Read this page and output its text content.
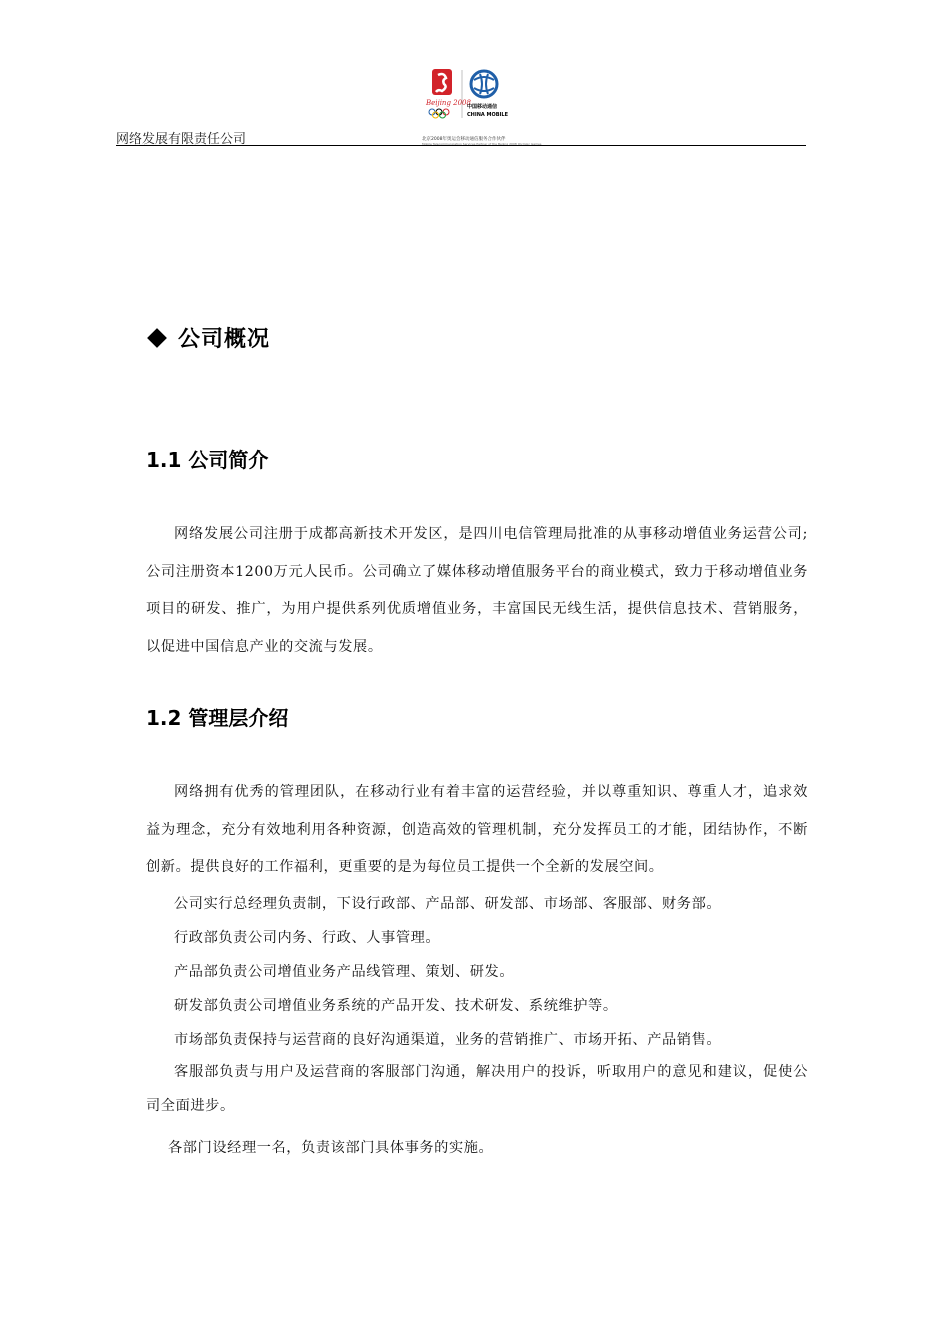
Beijing 2008
中国移动通信
CHINA MOBILE
北京2008年奥运会移动通信服务合作伙伴
Mobile Telecommunication Services Partner of the Beijing 2008 Olympic Games
网络发展有限责任公司
公司概况
1.1 公司简介
网络发展公司注册于成都高新技术开发区，是四川电信管理局批准的从事移动增值业务运营公司; 公司注册资本1200万元人民币。公司确立了媒体移动增值服务平台的商业模式，致力于移动增值业务项目的研发、推广，为用户提供系列优质增值业务，丰富国民无线生活，提供信息技术、营销服务，以促进中国信息产业的交流与发展。
1.2 管理层介绍
网络拥有优秀的管理团队，在移动行业有着丰富的运营经验，并以尊重知识、尊重人才，追求效益为理念，充分有效地利用各种资源，创造高效的管理机制，充分发挥员工的才能，团结协作，不断创新。提供良好的工作福利，更重要的是为每位员工提供一个全新的发展空间。
公司实行总经理负责制，下设行政部、产品部、研发部、市场部、客服部、财务部。
行政部负责公司内务、行政、人事管理。
产品部负责公司增值业务产品线管理、策划、研发。
研发部负责公司增值业务系统的产品开发、技术研发、系统维护等。
市场部负责保持与运营商的良好沟通渠道，业务的营销推广、市场开拓、产品销售。
客服部负责与用户及运营商的客服部门沟通，解决用户的投诉，听取用户的意见和建议，促使公司全面进步。
各部门设经理一名，负责该部门具体事务的实施。
